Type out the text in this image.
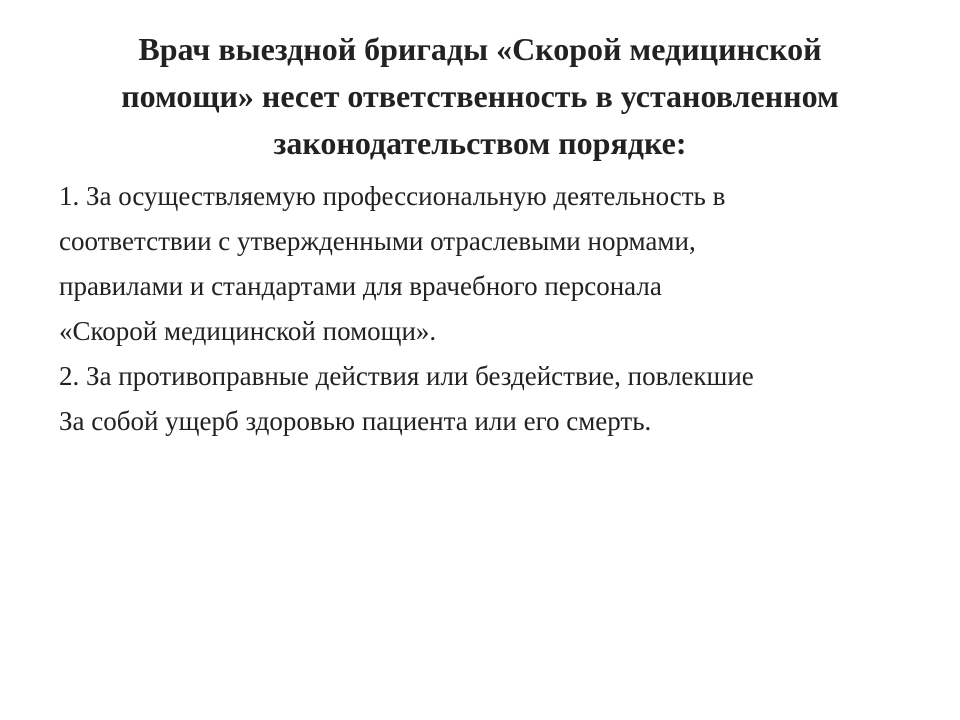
Врач выездной бригады «Скорой медицинской
помощи» несет ответственность в установленном
законодательством порядке:
1. За осуществляемую профессиональную деятельность в
соответствии с утвержденными отраслевыми нормами,
правилами и стандартами для врачебного персонала
«Скорой медицинской помощи».
2. За противоправные действия или бездействие, повлекшие
За собой ущерб здоровью пациента или его смерть.
